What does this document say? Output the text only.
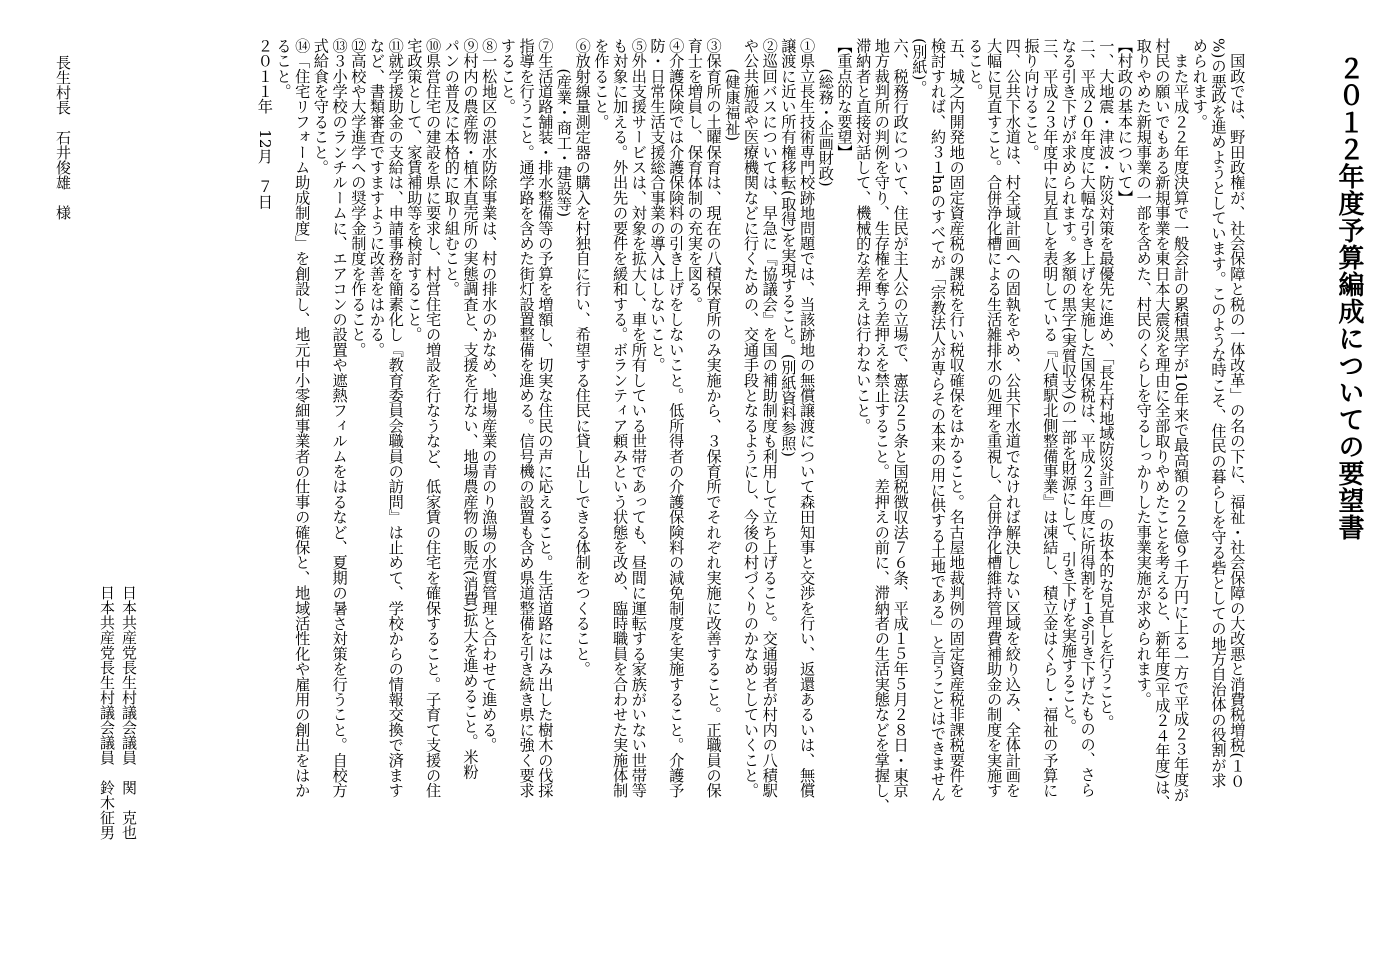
２０１２年度予算編成についての要望書
　国政では、野田政権が、社会保障と税の一体改革」の名の下に、福祉・社会保障の大改悪と消費税増税(１０
%)の悪政を進めようとしています。このような時こそ、住民の暮らしを守る砦としての地方自治体の役割が求
められます。
　また平成２２年度決算で一般会計の累積黒字が10年来で最高額の２２億９千万円に上る一方で平成２３年度が
村民の願いでもある新規事業を東日本大震災を理由に全部取りやめたことを考えると、新年度(平成２４年度)は、
取りやめた新規事業の一部を含めた、村民のくらしを守るしっかりした事業実施が求められます。
【村政の基本について】
一、大地震・津波・防災対策を最優先に進め、「長生村地域防災計画」の抜本的な見直しを行うこと。
二、平成２０年度に大幅な引き上げを実施した国保税は、平成２３年度に所得割を１%引き下げたものの、さら
なる引き下げが求められます。多額の黒字(実質収支)の一部を財源にして、引き下げを実施すること。
三、平成２３年度中に見直しを表明している『八積駅北側整備事業』は凍結し、積立金はくらし・福祉の予算に
振り向けること。
四、公共下水道は、村全域計画への固執をやめ、公共下水道でなければ解決しない区域を絞り込み、全体計画を
大幅に見直すこと。合併浄化槽による生活雑排水の処理を重視し、合併浄化槽維持管理費補助金の制度を実施す
ること。
五、城之内開発地の固定資産税の課税を行い税収確保をはかること。名古屋地裁判例の固定資産税非課税要件を
検討すれば、約３１haのすべてが「宗教法人が専らその本来の用に供する土地である」と言うことはできません
(別紙)。
六、税務行政について、住民が主人公の立場で、憲法２５条と国税徴収法７６条、平成１５年５月２８日・東京
地方裁判所の判例を守り、生存権を奪う差押えを禁止すること。差押えの前に、滞納者の生活実態などを掌握し、
滞納者と直接対話して、機械的な差押えは行わないこと。
【重点的な要望】
　　(総務・企画財政)
①県立長生技術専門校跡地問題では、当該跡地の無償譲渡について森田知事と交渉を行い、返還あるいは、無償
譲渡に近い所有権移転(取得)を実現すること。(別紙資料参照)
②巡回バスについては、早急に『協議会』を国の補助制度も利用して立ち上げること。交通弱者が村内の八積駅
や公共施設や医療機関などに行くための、交通手段となるようにし、今後の村づくりのかなめとしていくこと。
　　(健康福祉)
③保育所の土曜保育は、現在の八積保育所のみ実施から、３保育所でそれぞれ実施に改善すること。正職員の保
育士を増員し、保育体制の充実を図る。
④介護保険では介護保険料の引き上げをしないこと。低所得者の介護保険料の減免制度を実施すること。介護予
防・日常生活支援総合事業の導入はしないこと。
⑤外出支援サービスは、対象を拡大し、車を所有している世帯であっても、昼間に運転する家族がいない世帯等
も対象に加える。外出先の要件を緩和する。ボランティア頼みという状態を改め、臨時職員を合わせた実施体制
を作ること。
⑥放射線量測定器の購入を村独自に行い、希望する住民に貸し出しできる体制をつくること。
　　(産業・商工・建設等)
⑦生活道路舗装・排水整備等の予算を増額し、切実な住民の声に応えること。生活道路にはみ出した樹木の伐採
指導を行うこと。通学路を含めた街灯設置整備を進める。信号機の設置も含め県道整備を引き続き県に強く要求
すること。
⑧一松地区の湛水防除事業は、村の排水のかなめ、地場産業の青のり漁場の水質管理と合わせて進める。
⑨村内の農産物・植木直売所の実態調査と、支援を行ない、地場農産物の販売(消費)拡大を進めること。米粉
パンの普及に本格的に取り組むこと。
⑩県営住宅の建設を県に要求し、村営住宅の増設を行なうなど、低家賃の住宅を確保すること。子育て支援の住
宅政策として、家賃補助等を検討すること。
⑪就学援助金の支給は、申請事務を簡素化し『教育委員会職員の訪問』は止めて、学校からの情報交換で済ます
など、書類審査ですますように改善をはかる。
⑫高校や大学進学への奨学金制度を作ること。
⑬３小学校のランチルームに、エアコンの設置や遮熱フィルムをはるなど、夏期の暑さ対策を行うこと。自校方
式給食を守ること。
⑭「住宅リフォーム助成制度」を創設し、地元中小零細事業者の仕事の確保と、地域活性化や雇用の創出をはか
ること。
２０１１年　12月　７日
日本共産党長生村議会議員　関　克也
日本共産党長生村議会議員　鈴木征男
長生村長　石井俊雄　様
